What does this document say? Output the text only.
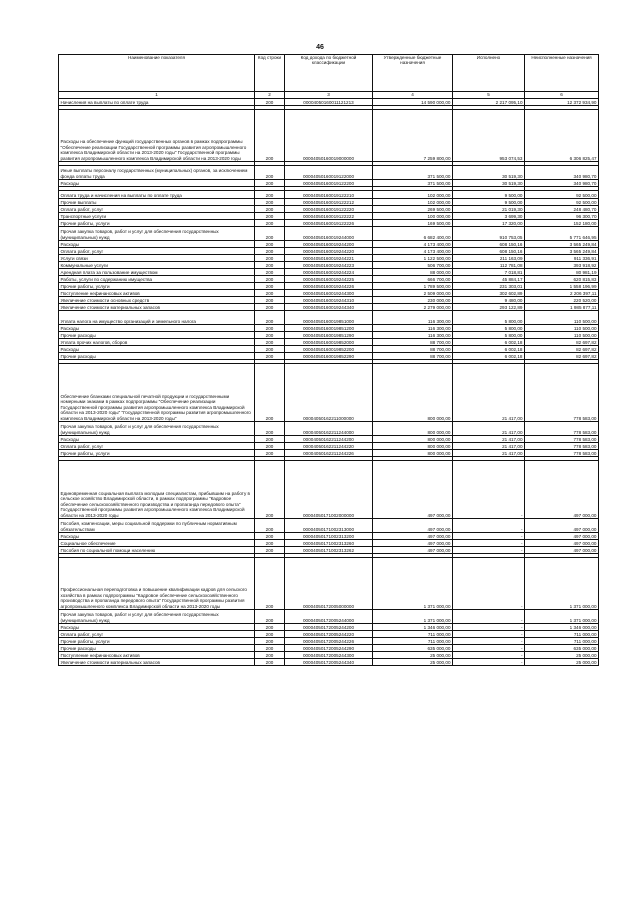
46
Наименование показателя	Код строки	Код дохода по бюджетной классификации	Утвержденные бюджетные назначения	Исполнено	Неисполненные назначения
1	2	3	4	5	6
Начисления на выплаты по оплате труда	200	00004050160011121213	14 590 000,00	2 217 095,10	12 372 934,90

Расходы на обеспечение функций государственных органов в рамках подпрограммы "Обеспечение реализации Государственной программы развития агропромышленного комплекса Владимирской области на 2013-2020 годы" Государственной программы развития агропромышленного комплекса Владимирской области на 2013-2020 годы	200	00004050160019000000	7 259 800,00	953 074,53	6 306 825,47

Иные выплаты персоналу государственных (муниципальных) органов, за исключением фонда оплаты труда	200	00004050160019122000	371 500,00	30 519,30	340 980,70
Расходы	200	00004050160019122200	371 500,00	30 519,30	340 980,70

Оплата труда и начисления на выплаты по оплате труда	200	00004050160019122210	102 000,00	9 500,00	92 500,00
Прочие выплаты	200	00004050160019122212	102 000,00	9 500,00	92 500,00
Оплата работ, услуг	200	00004050160019122220	269 500,00	21 019,30	248 480,70
Транспортные услуги	200	00004050160019122222	100 000,00	3 699,30	96 300,70
Прочие работы, услуги	200	00004050160019122226	169 500,00	17 320,00	152 180,00
Прочая закупка товаров, работ и услуг для обеспечения государственных (муниципальных) нужд	200	00004050160019244000	6 682 400,00	910 753,05	5 771 646,95
Расходы	200	00004050160019244200	4 173 400,00	608 150,16	3 565 249,84
Оплата работ, услуг	200	00004050160019244220	4 173 400,00	608 150,16	3 565 249,84
Услуги связи	200	00004050160019244221	1 122 500,00	211 163,09	911 336,91
Коммунальные услуги	200	00004050160019244223	506 700,00	112 781,08	393 918,92
Арендная плата за пользование имуществом	200	00004050160019244224	88 000,00	7 018,81	80 981,19
Работы, услуги по содержанию имущества	200	00004050160019244225	666 700,00	45 884,17	620 815,83
Прочие работы, услуги	200	00004050160019244226	1 789 500,00	231 303,01	1 558 196,99
Поступление нефинансовых активов	200	00004050160019244300	2 509 000,00	302 602,89	2 206 397,11
Увеличение стоимости основных средств	200	00004050160019244310	230 000,00	9 480,00	220 520,00
Увеличение стоимости материальных запасов	200	00004050160019244340	2 279 000,00	293 122,89	1 985 877,11
Уплата налога на имущество организаций и земельного налога	200	00004050160019851000	116 300,00	5 800,00	110 500,00
Расходы	200	00004050160019851200	116 300,00	5 800,00	110 500,00
Прочие расходы	200	00004050160019851290	116 300,00	5 800,00	110 500,00
Уплата прочих налогов, сборов	200	00004050160019852000	88 700,00	6 002,18	82 697,82
Расходы	200	00004050160019852200	88 700,00	6 002,18	82 697,82
Прочие расходы	200	00004050160019852290	88 700,00	6 002,18	82 697,82

Обеспечение бланками специальной печатной продукции и государственными номерными знаками в рамках подпрограммы "Обеспечение реализации Государственной программы развития агропромышленного комплекса Владимирской области на 2013-2020 годы" "Государственной программы развития агропромышленного комплекса Владимирской области на 2013-2020 годы"	200	00004050162211000000	800 000,00	21 417,00	778 583,00
Прочая закупка товаров, работ и услуг для обеспечения государственных (муниципальных) нужд	200	00004050162211244000	800 000,00	21 417,00	778 583,00
Расходы	200	00004050162211244200	800 000,00	21 417,00	778 583,00
Оплата работ, услуг	200	00004050162211244220	800 000,00	21 417,00	778 583,00
Прочие работы, услуги	200	00004050162211244226	800 000,00	21 417,00	778 583,00

Единовременная социальная выплата молодым специалистам, прибывшим на работу в сельское хозяйство Владимирской области, в рамках подпрограммы "Кадровое обеспечение сельскохозяйственного производства и пропаганда передового опыта" Государственной программы развития агропромышленного комплекса Владимирской области на 2013-2020 годы	200	00004050171002000000	497 000,00	-	497 000,00
Пособия, компенсации, меры социальной поддержки по публичным нормативным обязательствам	200	00004050171002313000	497 000,00	-	497 000,00
Расходы	200	00004050171002313200	497 000,00	-	497 000,00
Социальное обеспечение	200	00004050171002313260	497 000,00	-	497 000,00
Пособия по социальной помощи населению	200	00004050171002313262	497 000,00	-	497 000,00

Профессиональная переподготовка и повышение квалификации кадров для сельского хозяйства в рамках подпрограммы "Кадровое обеспечение сельскохозяйственного производства и пропаганда передового опыта" Государственной программы развития агропромышленного комплекса Владимирской области на 2013-2020 годы	200	00004050172005000000	1 371 000,00	-	1 371 000,00
Прочая закупка товаров, работ и услуг для обеспечения государственных (муниципальных) нужд	200	00004050172005244000	1 371 000,00	-	1 371 000,00
Расходы	200	00004050172005244200	1 346 000,00	-	1 346 000,00
Оплата работ, услуг	200	00004050172005244220	711 000,00	-	711 000,00
Прочие работы, услуги	200	00004050172005244226	711 000,00	-	711 000,00
Прочие расходы	200	00004050172005244290	635 000,00	-	635 000,00
Поступление нефинансовых активов	200	00004050172005244300	25 000,00	-	25 000,00
Увеличение стоимости материальных запасов	200	00004050172005244340	25 000,00	-	25 000,00
